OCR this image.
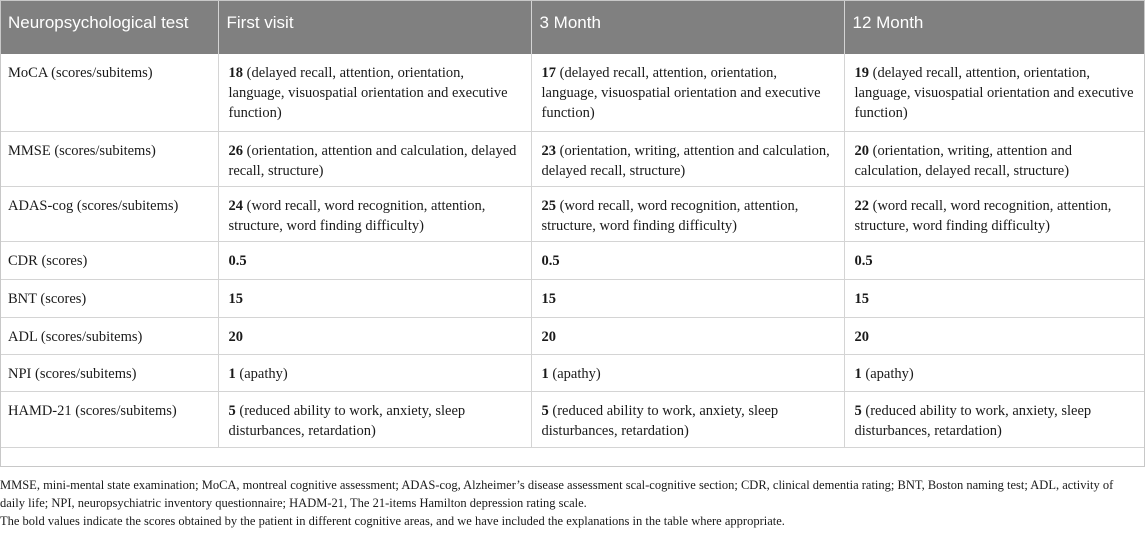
Neuropsychological test	First visit	3 Month	12 Month
MoCA (scores/subitems)	18 (delayed recall, attention, orientation, language, visuospatial orientation and executive function)	17 (delayed recall, attention, orientation, language, visuospatial orientation and executive function)	19 (delayed recall, attention, orientation, language, visuospatial orientation and executive function)
MMSE (scores/subitems)	26 (orientation, attention and calculation, delayed recall, structure)	23 (orientation, writing, attention and calculation, delayed recall, structure)	20 (orientation, writing, attention and calculation, delayed recall, structure)
ADAS-cog (scores/subitems)	24 (word recall, word recognition, attention, structure, word finding difficulty)	25 (word recall, word recognition, attention, structure, word finding difficulty)	22 (word recall, word recognition, attention, structure, word finding difficulty)
CDR (scores)	0.5	0.5	0.5
BNT (scores)	15	15	15
ADL (scores/subitems)	20	20	20
NPI (scores/subitems)	1 (apathy)	1 (apathy)	1 (apathy)
HAMD-21 (scores/subitems)	5 (reduced ability to work, anxiety, sleep disturbances, retardation)	5 (reduced ability to work, anxiety, sleep disturbances, retardation)	5 (reduced ability to work, anxiety, sleep disturbances, retardation)

MMSE, mini-mental state examination; MoCA, montreal cognitive assessment; ADAS-cog, Alzheimer’s disease assessment scal-cognitive section; CDR, clinical dementia rating; BNT, Boston naming test; ADL, activity of daily life; NPI, neuropsychiatric inventory questionnaire; HADM-21, The 21-items Hamilton depression rating scale.

The bold values indicate the scores obtained by the patient in different cognitive areas, and we have included the explanations in the table where appropriate.
